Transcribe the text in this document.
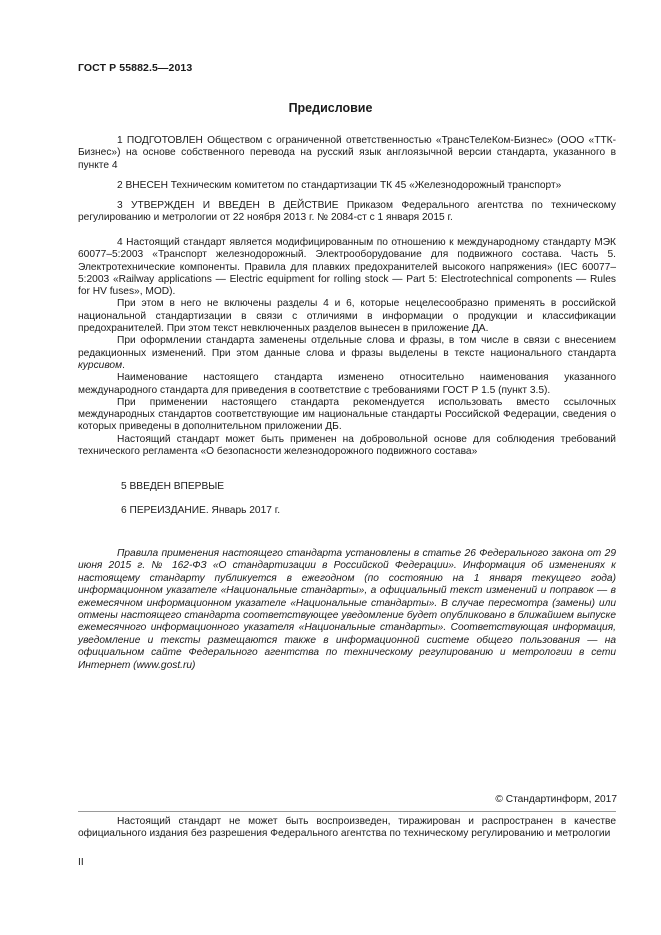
ГОСТ Р 55882.5—2013
Предисловие

1 ПОДГОТОВЛЕН Обществом с ограниченной ответственностью «ТрансТелеКом-Бизнес» (ООО «ТТК-Бизнес») на основе собственного перевода на русский язык англоязычной версии стандарта, указанного в пункте 4

2 ВНЕСЕН Техническим комитетом по стандартизации ТК 45 «Железнодорожный транспорт»

3 УТВЕРЖДЕН И ВВЕДЕН В ДЕЙСТВИЕ Приказом Федерального агентства по техническому регулированию и метрологии от 22 ноября 2013 г. № 2084-ст с 1 января 2015 г.

4 Настоящий стандарт является модифицированным по отношению к международному стандарту МЭК 60077–5:2003 «Транспорт железнодорожный. Электрооборудование для подвижного состава. Часть 5. Электротехнические компоненты. Правила для плавких предохранителей высокого напряжения» (IEC 60077–5:2003 «Railway applications — Electric equipment for rolling stock — Part 5: Electrotechnical components — Rules for HV fuses», MOD).

При этом в него не включены разделы 4 и 6, которые нецелесообразно применять в российской национальной стандартизации в связи с отличиями в информации о продукции и классификации предохранителей. При этом текст невключенных разделов вынесен в приложение ДА.

При оформлении стандарта заменены отдельные слова и фразы, в том числе в связи с внесением редакционных изменений. При этом данные слова и фразы выделены в тексте национального стандарта курсивом.

Наименование настоящего стандарта изменено относительно наименования указанного международного стандарта для приведения в соответствие с требованиями ГОСТ Р 1.5 (пункт 3.5).

При применении настоящего стандарта рекомендуется использовать вместо ссылочных международных стандартов соответствующие им национальные стандарты Российской Федерации, сведения о которых приведены в дополнительном приложении ДБ.

Настоящий стандарт может быть применен на добровольной основе для соблюдения требований технического регламента «О безопасности железнодорожного подвижного состава»

5 ВВЕДЕН ВПЕРВЫЕ

6 ПЕРЕИЗДАНИЕ. Январь 2017 г.

Правила применения настоящего стандарта установлены в статье 26 Федерального закона от 29 июня 2015 г. № 162-ФЗ «О стандартизации в Российской Федерации». Информация об изменениях к настоящему стандарту публикуется в ежегодном (по состоянию на 1 января текущего года) информационном указателе «Национальные стандарты», а официальный текст изменений и поправок — в ежемесячном информационном указателе «Национальные стандарты». В случае пересмотра (замены) или отмены настоящего стандарта соответствующее уведомление будет опубликовано в ближайшем выпуске ежемесячного информационного указателя «Национальные стандарты». Соответствующая информация, уведомление и тексты размещаются также в информационной системе общего пользования — на официальном сайте Федерального агентства по техническому регулированию и метрологии в сети Интернет (www.gost.ru)

© Стандартинформ, 2017

Настоящий стандарт не может быть воспроизведен, тиражирован и распространен в качестве официального издания без разрешения Федерального агентства по техническому регулированию и метрологии

II
